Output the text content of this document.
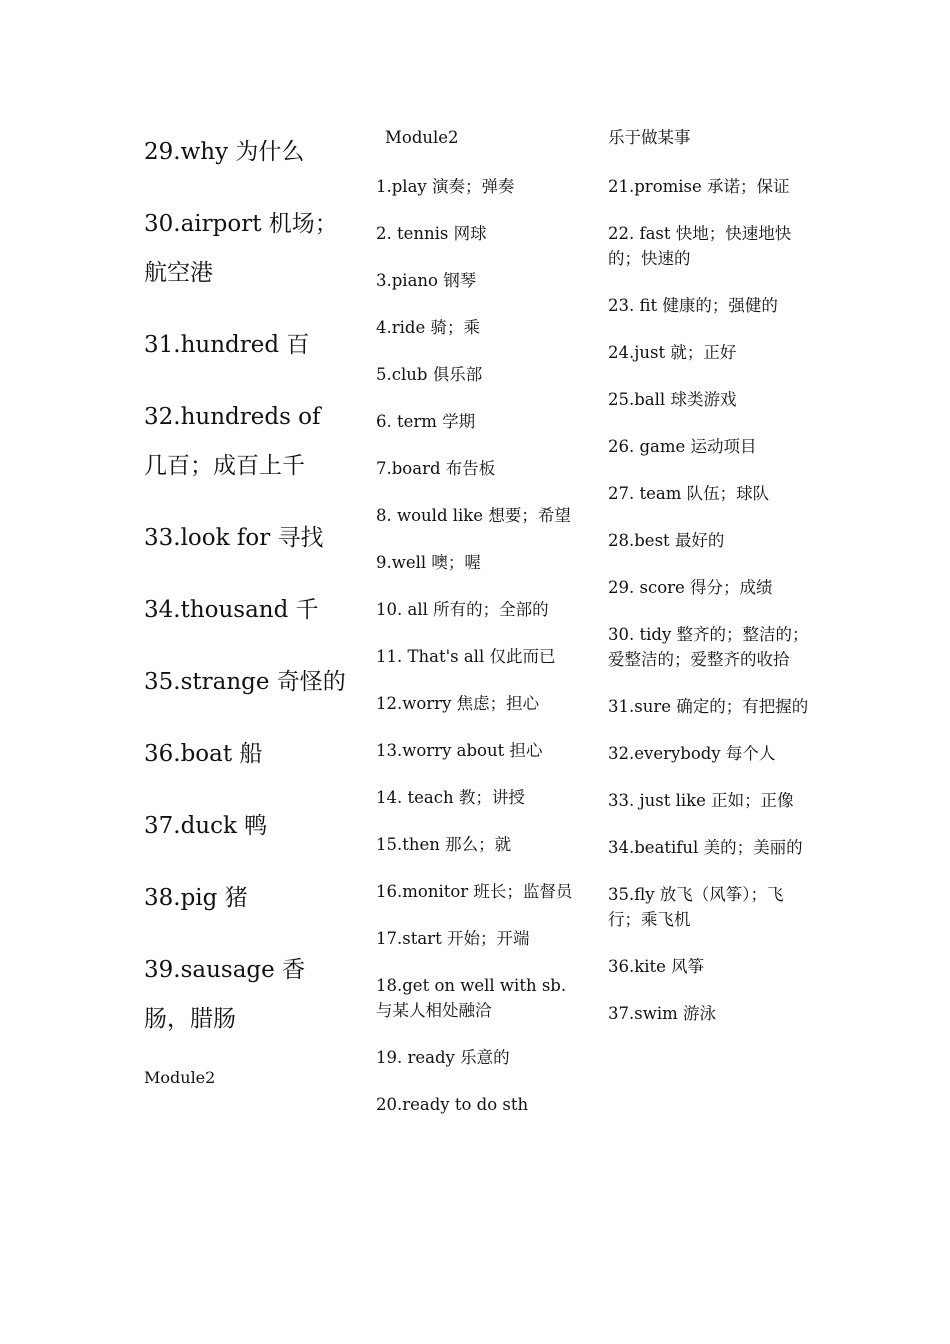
29.why 为什么
30.airport 机场；航空港
31.hundred 百
32.hundreds of 几百；成百上千
33.look for 寻找
34.thousand 千
35.strange 奇怪的
36.boat 船
37.duck 鸭
38.pig 猪
39.sausage 香肠，腊肠
Module2
Module2
1.play 演奏；弹奏
2. tennis 网球
3.piano 钢琴
4.ride 骑；乘
5.club 俱乐部
6. term 学期
7.board 布告板
8. would like 想要；希望
9.well 噢；喔
10. all 所有的；全部的
11. That's all 仅此而已
12.worry 焦虑；担心
13.worry about 担心
14. teach 教；讲授
15.then 那么；就
16.monitor 班长；监督员
17.start 开始；开端
18.get on well with sb. 与某人相处融洽
19. ready 乐意的
20.ready to do sth
乐于做某事
21.promise 承诺；保证
22. fast 快地；快速地快的；快速的
23. fit 健康的；强健的
24.just 就；正好
25.ball 球类游戏
26. game 运动项目
27. team 队伍；球队
28.best 最好的
29. score 得分；成绩
30. tidy 整齐的；整洁的；爱整洁的；爱整齐的收拾
31.sure 确定的；有把握的
32.everybody 每个人
33. just like 正如；正像
34.beatiful 美的；美丽的
35.fly 放飞（风筝）；飞行；乘飞机
36.kite 风筝
37.swim 游泳
